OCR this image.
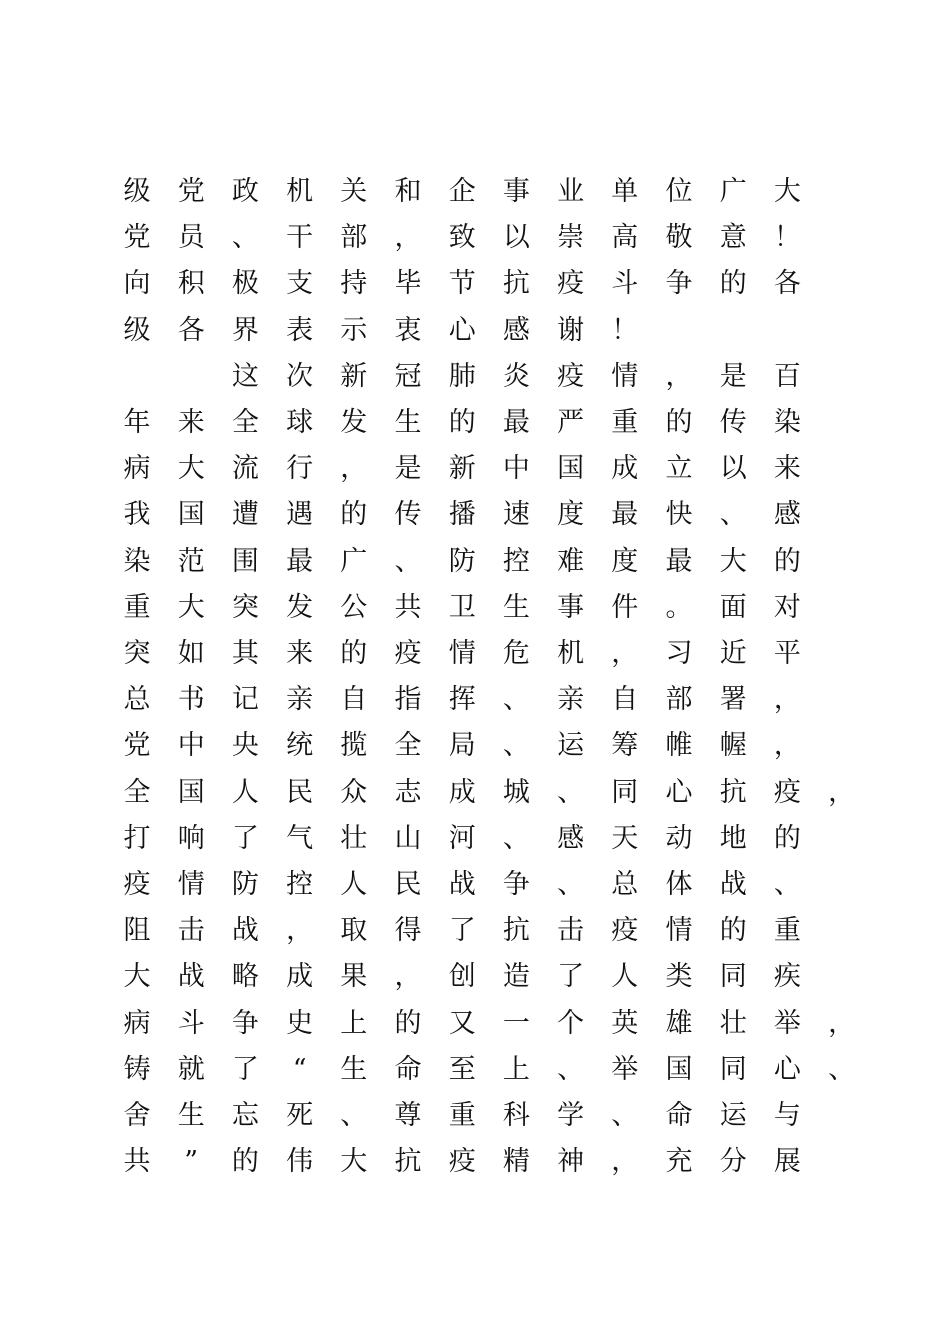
级 党 政 机 关 和 企 事 业 单 位 广 大
党 员 、 干 部 ， 致 以 崇 高 敬 意 ！
向 积 极 支 持 毕 节 抗 疫 斗 争 的 各
级 各 界 表 示 衷 心 感 谢 ！
这 次 新 冠 肺 炎 疫 情 ， 是 百
年 来 全 球 发 生 的 最 严 重 的 传 染
病 大 流 行 ， 是 新 中 国 成 立 以 来
我 国 遭 遇 的 传 播 速 度 最 快 、 感
染 范 围 最 广 、 防 控 难 度 最 大 的
重 大 突 发 公 共 卫 生 事 件 。 面 对
突 如 其 来 的 疫 情 危 机 ， 习 近 平
总 书 记 亲 自 指 挥 、 亲 自 部 署 ，
党 中 央 统 揽 全 局 、 运 筹 帷 幄 ，
全 国 人 民 众 志 成 城 、 同 心 抗 疫 ，
打 响 了 气 壮 山 河 、 感 天 动 地 的
疫 情 防 控 人 民 战 争 、 总 体 战 、
阻 击 战 ， 取 得 了 抗 击 疫 情 的 重
大 战 略 成 果 ， 创 造 了 人 类 同 疾
病 斗 争 史 上 的 又 一 个 英 雄 壮 举 ，
铸 就 了	“	生 命 至 上 、 举 国 同 心 、
舍 生 忘 死 、 尊 重 科 学 、 命 运 与
共	”	的 伟 大 抗 疫 精 神 ， 充 分 展
